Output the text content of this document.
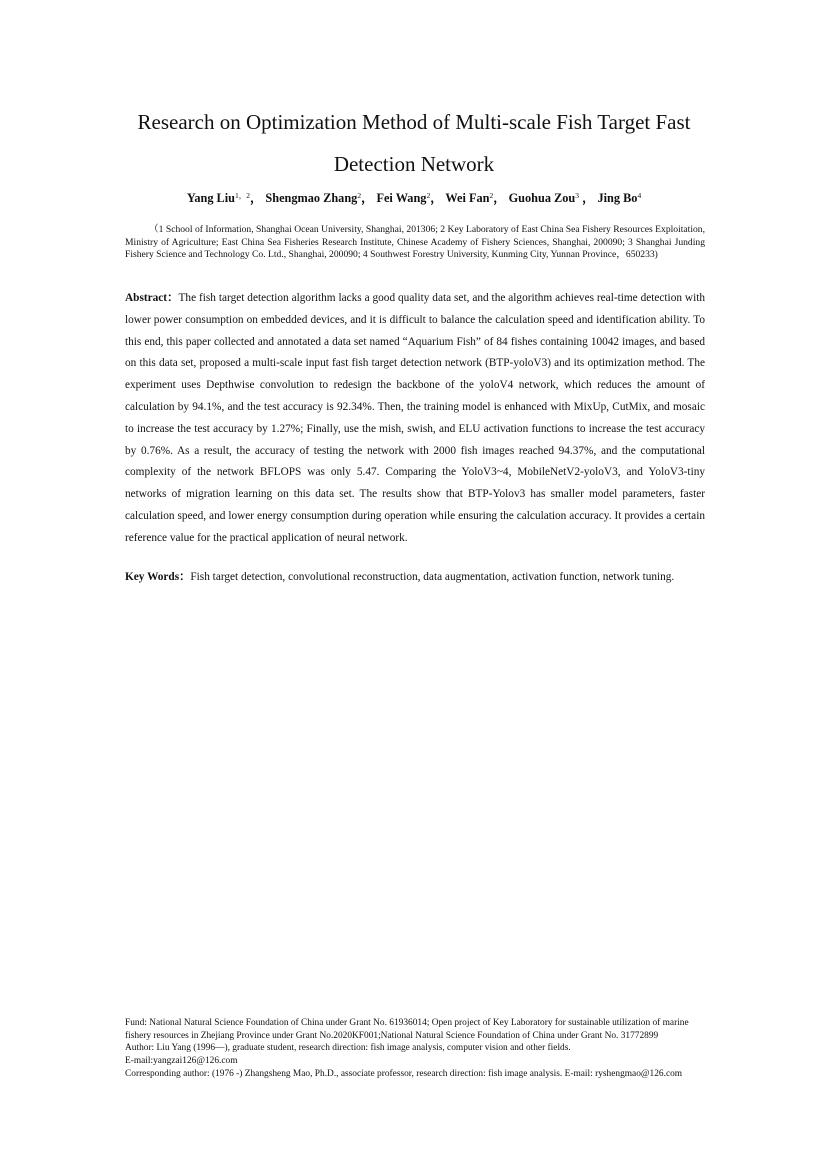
Research on Optimization Method of Multi-scale Fish Target Fast
Detection Network
Yang Liu$^{1,2}$， Shengmao Zhang$^2$， Fei Wang$^2$， Wei Fan$^2$， Guohua Zou$^3$ ， Jing Bo$^4$
（1 School of Information, Shanghai Ocean University, Shanghai, 201306; 2 Key Laboratory of East China Sea Fishery Resources Exploitation, Ministry of Agriculture; East China Sea Fisheries Research Institute, Chinese Academy of Fishery Sciences, Shanghai, 200090; 3 Shanghai Junding Fishery Science and Technology Co. Ltd., Shanghai, 200090; 4 Southwest Forestry University, Kunming City, Yunnan Province，650233)

Abstract：The fish target detection algorithm lacks a good quality data set, and the algorithm achieves real-time detection with lower power consumption on embedded devices, and it is difficult to balance the calculation speed and identification ability. To this end, this paper collected and annotated a data set named “Aquarium Fish” of 84 fishes containing 10042 images, and based on this data set, proposed a multi-scale input fast fish target detection network (BTP-yoloV3) and its optimization method. The experiment uses Depthwise convolution to redesign the backbone of the yoloV4 network, which reduces the amount of calculation by 94.1%, and the test accuracy is 92.34%. Then, the training model is enhanced with MixUp, CutMix, and mosaic to increase the test accuracy by 1.27%; Finally, use the mish, swish, and ELU activation functions to increase the test accuracy by 0.76%. As a result, the accuracy of testing the network with 2000 fish images reached 94.37%, and the computational complexity of the network BFLOPS was only 5.47. Comparing the YoloV3~4, MobileNetV2-yoloV3, and YoloV3-tiny networks of migration learning on this data set. The results show that BTP-Yolov3 has smaller model parameters, faster calculation speed, and lower energy consumption during operation while ensuring the calculation accuracy. It provides a certain reference value for the practical application of neural network.

Key Words：Fish target detection, convolutional reconstruction, data augmentation, activation function, network tuning.

Fund: National Natural Science Foundation of China under Grant No. 61936014; Open project of Key Laboratory for sustainable utilization of marine fishery resources in Zhejiang Province under Grant No.2020KF001;National Natural Science Foundation of China under Grant No. 31772899
Author: Liu Yang (1996—), graduate student, research direction: fish image analysis, computer vision and other fields.
E-mail:yangzai126@126.com
Corresponding author: (1976 -) Zhangsheng Mao, Ph.D., associate professor, research direction: fish image analysis. E-mail: ryshengmao@126.com
